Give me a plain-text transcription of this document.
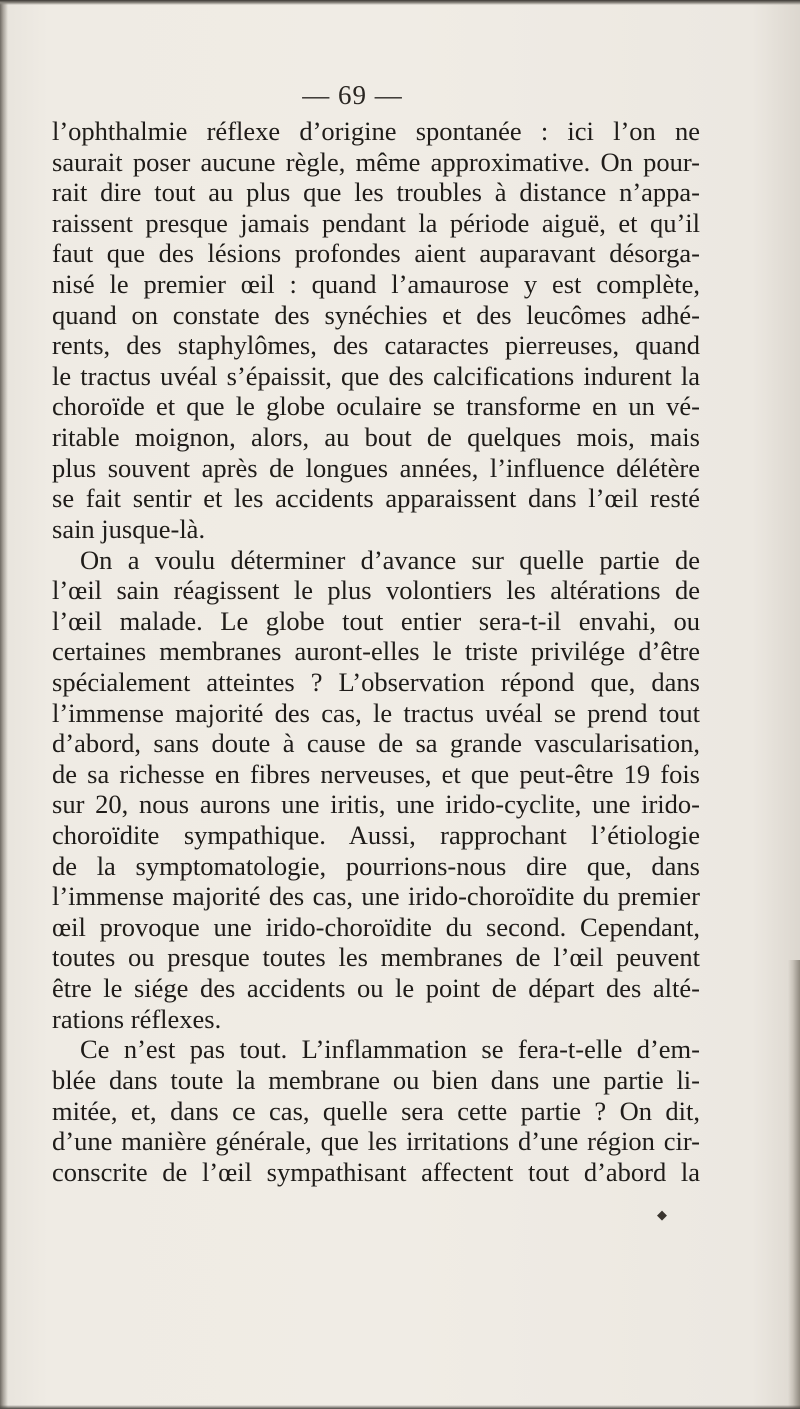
— 69 —
l’ophthalmie réflexe d’origine spontanée : ici l’on ne
saurait poser aucune règle, même approximative. On pour-
rait dire tout au plus que les troubles à distance n’appa-
raissent presque jamais pendant la période aiguë, et qu’il
faut que des lésions profondes aient auparavant désorga-
nisé le premier œil : quand l’amaurose y est complète,
quand on constate des synéchies et des leucômes adhé-
rents, des staphylômes, des cataractes pierreuses, quand
le tractus uvéal s’épaissit, que des calcifications indurent la
choroïde et que le globe oculaire se transforme en un vé-
ritable moignon, alors, au bout de quelques mois, mais
plus souvent après de longues années, l’influence délétère
se fait sentir et les accidents apparaissent dans l’œil resté
sain jusque-là.
On a voulu déterminer d’avance sur quelle partie de
l’œil sain réagissent le plus volontiers les altérations de
l’œil malade. Le globe tout entier sera-t-il envahi, ou
certaines membranes auront-elles le triste privilége d’être
spécialement atteintes ? L’observation répond que, dans
l’immense majorité des cas, le tractus uvéal se prend tout
d’abord, sans doute à cause de sa grande vascularisation,
de sa richesse en fibres nerveuses, et que peut-être 19 fois
sur 20, nous aurons une iritis, une irido-cyclite, une irido-
choroïdite sympathique. Aussi, rapprochant l’étiologie
de la symptomatologie, pourrions-nous dire que, dans
l’immense majorité des cas, une irido-choroïdite du premier
œil provoque une irido-choroïdite du second. Cependant,
toutes ou presque toutes les membranes de l’œil peuvent
être le siége des accidents ou le point de départ des alté-
rations réflexes.
Ce n’est pas tout. L’inflammation se fera-t-elle d’em-
blée dans toute la membrane ou bien dans une partie li-
mitée, et, dans ce cas, quelle sera cette partie ? On dit,
d’une manière générale, que les irritations d’une région cir-
conscrite de l’œil sympathisant affectent tout d’abord la
◆
